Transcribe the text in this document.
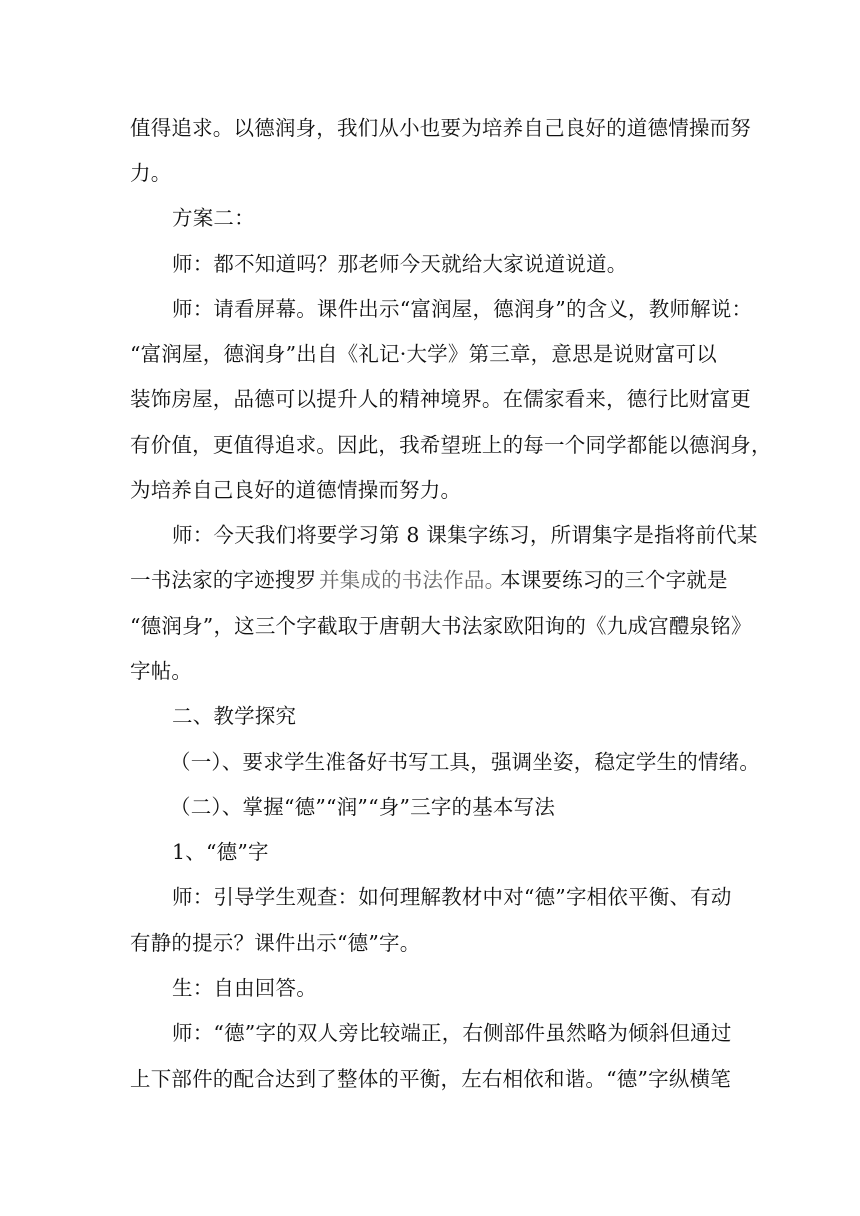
值得追求。以德润身，我们从小也要为培养自己良好的道德情操而努
力。
方案二：
师：都不知道吗？那老师今天就给大家说道说道。
师：请看屏幕。课件出示“富润屋，德润身”的含义，教师解说：
“富润屋，德润身”出自《礼记·大学》第三章，意思是说财富可以
装饰房屋，品德可以提升人的精神境界。在儒家看来，德行比财富更
有价值，更值得追求。因此，我希望班上的每一个同学都能以德润身，
为培养自己良好的道德情操而努力。
师：今天我们将要学习第 8 课集字练习，所谓集字是指将前代某
一书法家的字迹搜罗 并集成的书法作品。
本课要练习的三个字就是
“德润身”，这三个字截取于唐朝大书法家欧阳询的《九成宫醴泉铭》
字帖。
二、教学探究
（一）、要求学生准备好书写工具，强调坐姿，稳定学生的情绪。
（二）、掌握“德”“润”“身”三字的基本写法
1、“德”字
师：引导学生观查：如何理解教材中对“德”字相依平衡、有动
有静的提示？课件出示“德”字。
生：自由回答。
师：“德”字的双人旁比较端正，右侧部件虽然略为倾斜但通过
上下部件的配合达到了整体的平衡，左右相依和谐。“德”字纵横笔
